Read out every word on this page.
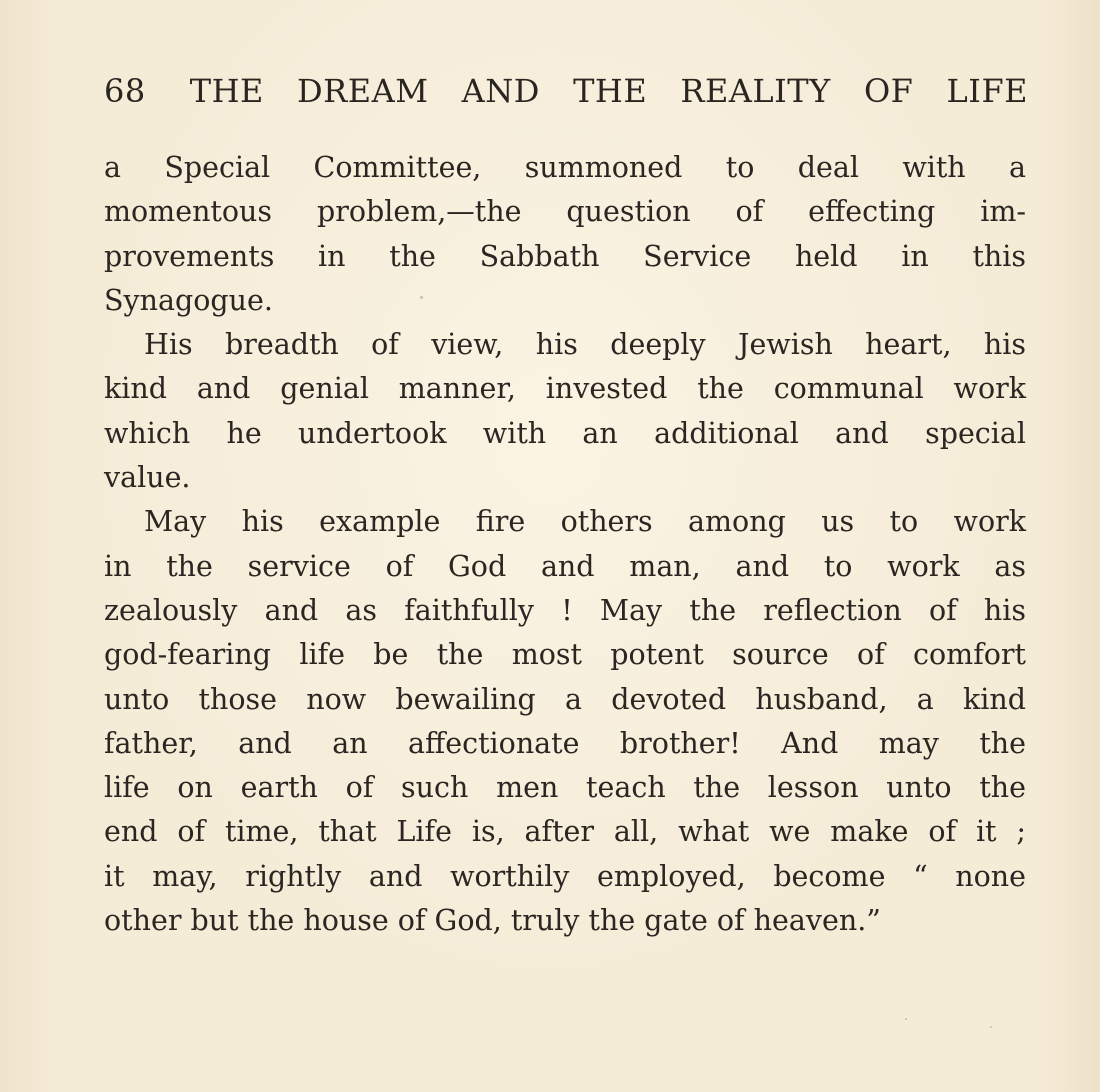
68 THE DREAM AND THE REALITY OF LIFE
a Special Committee, summoned to deal with a
momentous problem,—the question of effecting im-
provements in the Sabbath Service held in this
Synagogue.
His breadth of view, his deeply Jewish heart, his
kind and genial manner, invested the communal work
which he undertook with an additional and special
value.
May his example fire others among us to work
in the service of God and man, and to work as
zealously and as faithfully ! May the reflection of his
god-fearing life be the most potent source of comfort
unto those now bewailing a devoted husband, a kind
father, and an affectionate brother! And may the
life on earth of such men teach the lesson unto the
end of time, that Life is, after all, what we make of it ;
it may, rightly and worthily employed, become “ none
other but the house of God, truly the gate of heaven.”
